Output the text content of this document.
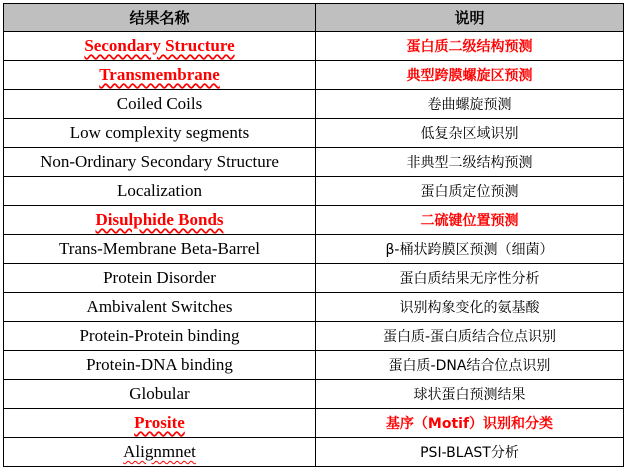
结果名称	说明
Secondary Structure	蛋白质二级结构预测
Transmembrane	典型跨膜螺旋区预测
Coiled Coils	卷曲螺旋预测
Low complexity segments	低复杂区域识别
Non-Ordinary Secondary Structure	非典型二级结构预测
Localization	蛋白质定位预测
Disulphide Bonds	二硫键位置预测
Trans-Membrane Beta-Barrel	β-桶状跨膜区预测（细菌）
Protein Disorder	蛋白质结果无序性分析
Ambivalent Switches	识别构象变化的氨基酸
Protein-Protein binding	蛋白质-蛋白质结合位点识别
Protein-DNA binding	蛋白质-DNA结合位点识别
Globular	球状蛋白预测结果
Prosite	基序（Motif）识别和分类
Alignmnet	PSI-BLAST分析
